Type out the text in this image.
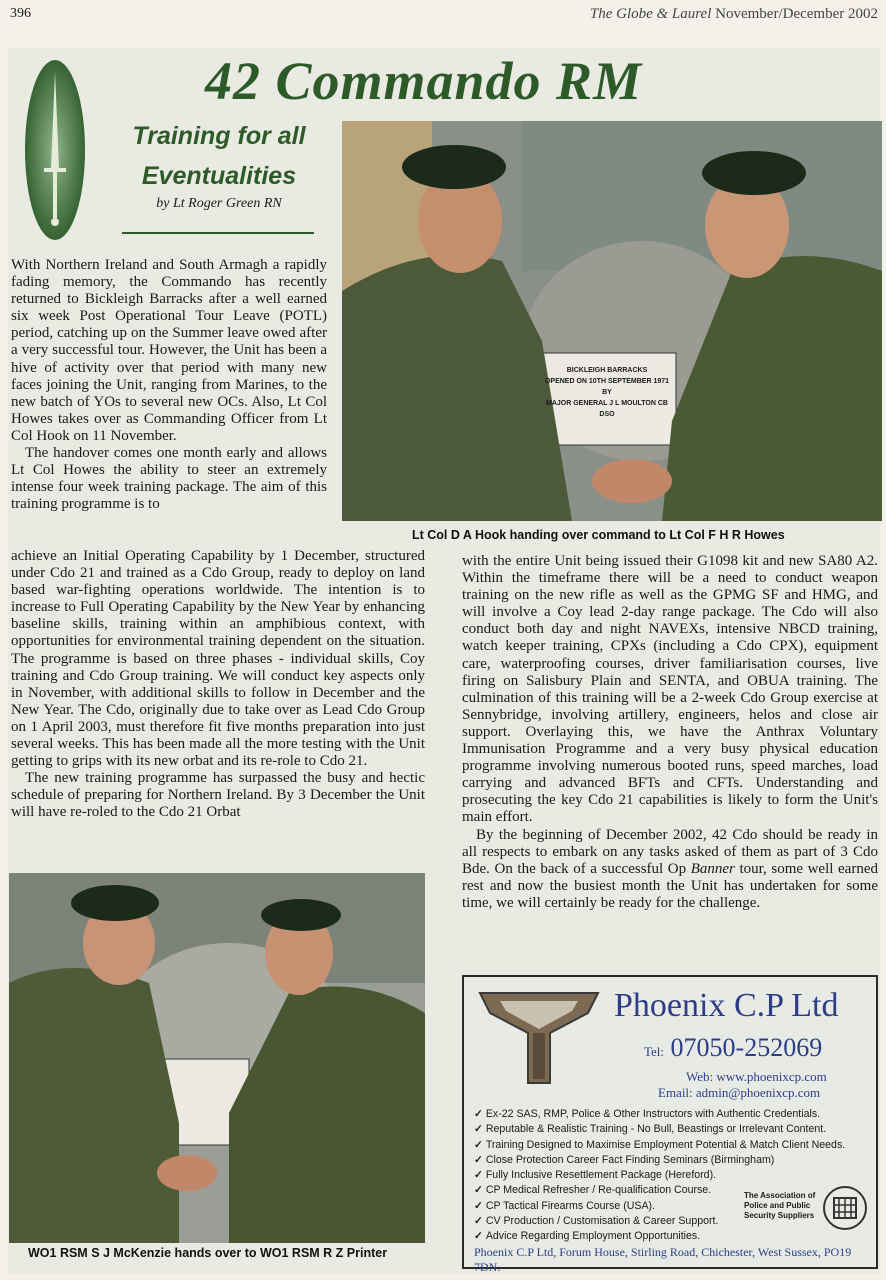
396	The Globe & Laurel November/December 2002
42 Commando RM
Training for all Eventualities
by Lt Roger Green RN
BICKLEIGH BARRACKS
OPENED ON 10TH SEPTEMBER 1971
BY
MAJOR GENERAL J L MOULTON CB DSO
Lt Col D A Hook handing over command to Lt Col F H R Howes

With Northern Ireland and South Armagh a rapidly fading memory, the Commando has recently returned to Bickleigh Barracks after a well earned six week Post Operational Tour Leave (POTL) period, catching up on the Summer leave owed after a very successful tour. However, the Unit has been a hive of activity over that period with many new faces joining the Unit, ranging from Marines, to the new batch of YOs to several new OCs. Also, Lt Col Howes takes over as Commanding Officer from Lt Col Hook on 11 November.

The handover comes one month early and allows Lt Col Howes the ability to steer an extremely intense four week training package. The aim of this training programme is to

achieve an Initial Operating Capability by 1 December, structured under Cdo 21 and trained as a Cdo Group, ready to deploy on land based war-fighting operations worldwide. The intention is to increase to Full Operating Capability by the New Year by enhancing baseline skills, training within an amphibious context, with opportunities for environmental training dependent on the situation. The programme is based on three phases - individual skills, Coy training and Cdo Group training. We will conduct key aspects only in November, with additional skills to follow in December and the New Year. The Cdo, originally due to take over as Lead Cdo Group on 1 April 2003, must therefore fit five months preparation into just several weeks. This has been made all the more testing with the Unit getting to grips with its new orbat and its re-role to Cdo 21.

The new training programme has surpassed the busy and hectic schedule of preparing for Northern Ireland. By 3 December the Unit will have re-roled to the Cdo 21 Orbat

WO1 RSM S J McKenzie hands over to WO1 RSM R Z Printer

with the entire Unit being issued their G1098 kit and new SA80 A2. Within the timeframe there will be a need to conduct weapon training on the new rifle as well as the GPMG SF and HMG, and will involve a Coy lead 2-day range package. The Cdo will also conduct both day and night NAVEXs, intensive NBCD training, watch keeper training, CPXs (including a Cdo CPX), equipment care, waterproofing courses, driver familiarisation courses, live firing on Salisbury Plain and SENTA, and OBUA training. The culmination of this training will be a 2-week Cdo Group exercise at Sennybridge, involving artillery, engineers, helos and close air support. Overlaying this, we have the Anthrax Voluntary Immunisation Programme and a very busy physical education programme involving numerous booted runs, speed marches, load carrying and advanced BFTs and CFTs. Understanding and prosecuting the key Cdo 21 capabilities is likely to form the Unit's main effort.

By the beginning of December 2002, 42 Cdo should be ready in all respects to embark on any tasks asked of them as part of 3 Cdo Bde. On the back of a successful Op Banner tour, some well earned rest and now the busiest month the Unit has undertaken for some time, we will certainly be ready for the challenge.

Phoenix C.P Ltd
Tel: 07050-252069
Web: www.phoenixcp.com
Email: admin@phoenixcp.com
✓ Ex-22 SAS, RMP, Police & Other Instructors with Authentic Credentials.
✓ Reputable & Realistic Training - No Bull, Beastings or Irrelevant Content.
✓ Training Designed to Maximise Employment Potential & Match Client Needs.
✓ Close Protection Career Fact Finding Seminars (Birmingham)
✓ Fully Inclusive Resettlement Package (Hereford).
✓ CP Medical Refresher / Re-qualification Course.
✓ CP Tactical Firearms Course (USA).
✓ CV Production / Customisation & Career Support.
✓ Advice Regarding Employment Opportunities.
The Association of Police and Public Security Suppliers
Phoenix C.P Ltd, Forum House, Stirling Road, Chichester, West Sussex, PO19 7DN.
